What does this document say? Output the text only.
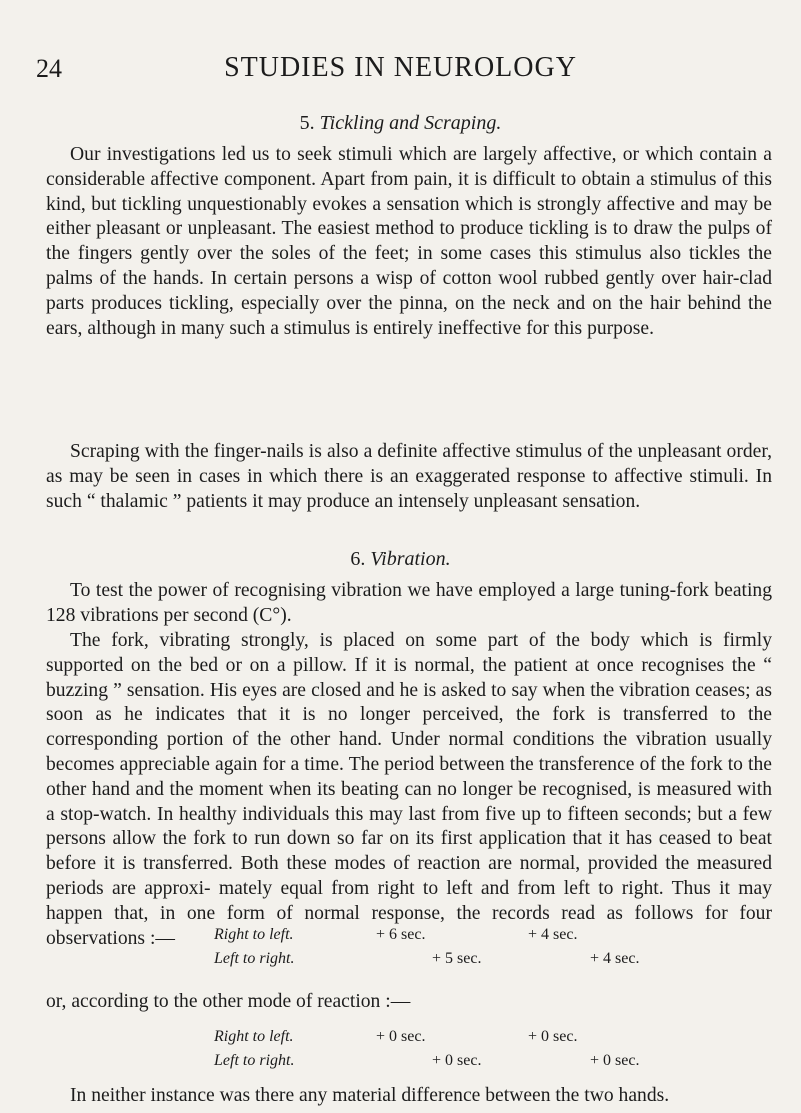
24	STUDIES IN NEUROLOGY
5. Tickling and Scraping.

Our investigations led us to seek stimuli which are largely affective, or which contain a considerable affective component. Apart from pain, it is difficult to obtain a stimulus of this kind, but tickling unquestionably evokes a sensation which is strongly affective and may be either pleasant or unpleasant. The easiest method to produce tickling is to draw the pulps of the fingers gently over the soles of the feet; in some cases this stimulus also tickles the palms of the hands. In certain persons a wisp of cotton wool rubbed gently over hair-clad parts produces tickling, especially over the pinna, on the neck and on the hair behind the ears, although in many such a stimulus is entirely ineffective for this purpose.

Scraping with the finger-nails is also a definite affective stimulus of the unpleasant order, as may be seen in cases in which there is an exaggerated response to affective stimuli. In such “ thalamic ” patients it may produce an intensely unpleasant sensation.

6. Vibration.

To test the power of recognising vibration we have employed a large tuning-fork beating 128 vibrations per second (C°).

The fork, vibrating strongly, is placed on some part of the body which is firmly supported on the bed or on a pillow. If it is normal, the patient at once recognises the “ buzzing ” sensation. His eyes are closed and he is asked to say when the vibration ceases; as soon as he indicates that it is no longer perceived, the fork is transferred to the corresponding portion of the other hand. Under normal conditions the vibration usually becomes appreciable again for a time. The period between the transference of the fork to the other hand and the moment when its beating can no longer be recognised, is measured with a stop-watch. In healthy individuals this may last from five up to fifteen seconds; but a few persons allow the fork to run down so far on its first application that it has ceased to beat before it is transferred. Both these modes of reaction are normal, provided the measured periods are approxi- mately equal from right to left and from left to right. Thus it may happen that, in one form of normal response, the records read as follows for four observations :—	Right to left.
Left to right.
+ 6 sec.
+ 5 sec.
+ 4 sec.
+ 4 sec.

or, according to the other mode of reaction :—

Right to left.
Left to right.
+ 0 sec.
+ 0 sec.
+ 0 sec.
+ 0 sec.

In neither instance was there any material difference between the two hands.
